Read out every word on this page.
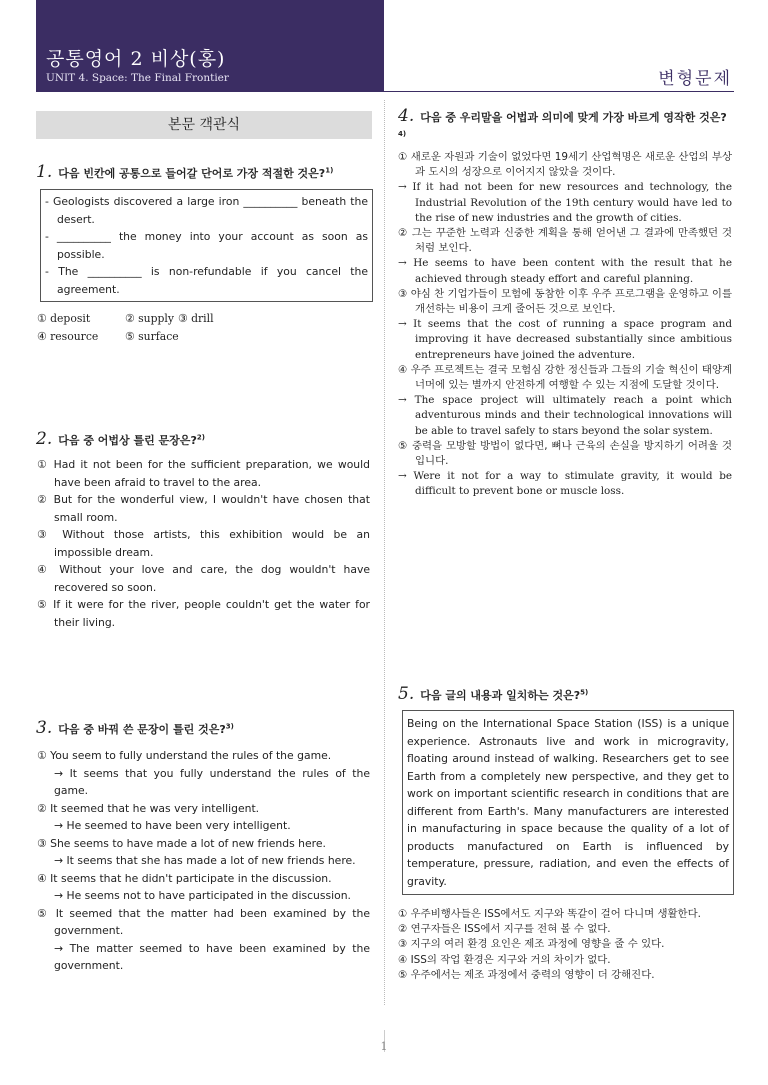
공통영어 2 비상(홍)
UNIT 4. Space: The Final Frontier	변형문제
본문 객관식
1. 다음 빈칸에 공통으로 들어갈 단어로 가장 적절한 것은?$^{1)}$
- Geologists discovered a large iron __________ beneath the desert.
- __________ the money into your account as soon as possible.
- The __________ is non-refundable if you cancel the agreement.
① deposit	② supply ③ drill
④ resource ⑤ surface
2. 다음 중 어법상 틀린 문장은?$^{2)}$
① Had it not been for the sufficient preparation, we would have been afraid to travel to the area.
② But for the wonderful view, I wouldn't have chosen that small room.
③ Without those artists, this exhibition would be an impossible dream.
④ Without your love and care, the dog wouldn't have recovered so soon.
⑤ If it were for the river, people couldn't get the water for their living.
3. 다음 중 바꿔 쓴 문장이 틀린 것은?$^{3)}$
① You seem to fully understand the rules of the game.
→ It seems that you fully understand the rules of the game.
② It seemed that he was very intelligent.
→ He seemed to have been very intelligent.
③ She seems to have made a lot of new friends here.
→ It seems that she has made a lot of new friends here.
④ It seems that he didn't participate in the discussion.
→ He seems not to have participated in the discussion.
⑤ It seemed that the matter had been examined by the government.
→ The matter seemed to have been examined by the government.
4. 다음 중 우리말을 어법과 의미에 맞게 가장 바르게 영작한 것은?$^{4)}$
① 새로운 자원과 기술이 없었다면 19세기 산업혁명은 새로운 산업의 부상과 도시의 성장으로 이어지지 않았을 것이다.
→ If it had not been for new resources and technology, the Industrial Revolution of the 19th century would have led to the rise of new industries and the growth of cities.
② 그는 꾸준한 노력과 신중한 계획을 통해 얻어낸 그 결과에 만족했던 것처럼 보인다.
→ He seems to have been content with the result that he achieved through steady effort and careful planning.
③ 야심 찬 기업가들이 모험에 동참한 이후 우주 프로그램을 운영하고 이를 개선하는 비용이 크게 줄어든 것으로 보인다.
→ It seems that the cost of running a space program and improving it have decreased substantially since ambitious entrepreneurs have joined the adventure.
④ 우주 프로젝트는 결국 모험심 강한 정신들과 그들의 기술 혁신이 태양계 너머에 있는 별까지 안전하게 여행할 수 있는 지점에 도달할 것이다.
→ The space project will ultimately reach a point which adventurous minds and their technological innovations will be able to travel safely to stars beyond the solar system.
⑤ 중력을 모방할 방법이 없다면, 뼈나 근육의 손실을 방지하기 어려울 것입니다.
→ Were it not for a way to stimulate gravity, it would be difficult to prevent bone or muscle loss.
5. 다음 글의 내용과 일치하는 것은?$^{5)}$
Being on the International Space Station (ISS) is a unique experience. Astronauts live and work in microgravity, floating around instead of walking. Researchers get to see Earth from a completely new perspective, and they get to work on important scientific research in conditions that are different from Earth's. Many manufacturers are interested in manufacturing in space because the quality of a lot of products manufactured on Earth is influenced by temperature, pressure, radiation, and even the effects of gravity.
① 우주비행사들은 ISS에서도 지구와 똑같이 걸어 다니며 생활한다.
② 연구자들은 ISS에서 지구를 전혀 볼 수 없다.
③ 지구의 여러 환경 요인은 제조 과정에 영향을 줄 수 있다.
④ ISS의 작업 환경은 지구와 거의 차이가 없다.
⑤ 우주에서는 제조 과정에서 중력의 영향이 더 강해진다.
1
